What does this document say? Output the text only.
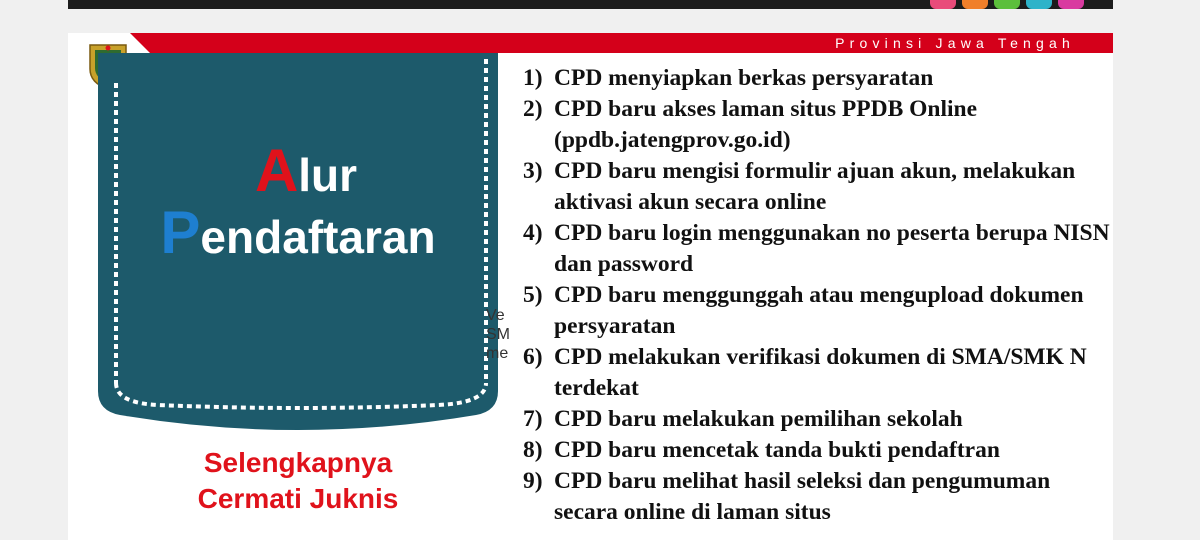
Provinsi Jawa Tengah
Alur
Pendaftaran
Ve
SM
me
Selengkapnya
Cermati Juknis
1) CPD menyiapkan berkas persyaratan
2) CPD baru akses laman situs PPDB Online (ppdb.jatengprov.go.id)
3) CPD baru mengisi formulir ajuan akun, melakukan aktivasi akun secara online
4) CPD baru login menggunakan no peserta berupa NISN dan password
5) CPD baru menggunggah atau mengupload dokumen persyaratan
6) CPD melakukan verifikasi dokumen di SMA/SMK N terdekat
7) CPD baru melakukan pemilihan sekolah
8) CPD baru mencetak tanda bukti pendaftran
9) CPD baru melihat hasil seleksi dan pengumuman secara online di laman situs
